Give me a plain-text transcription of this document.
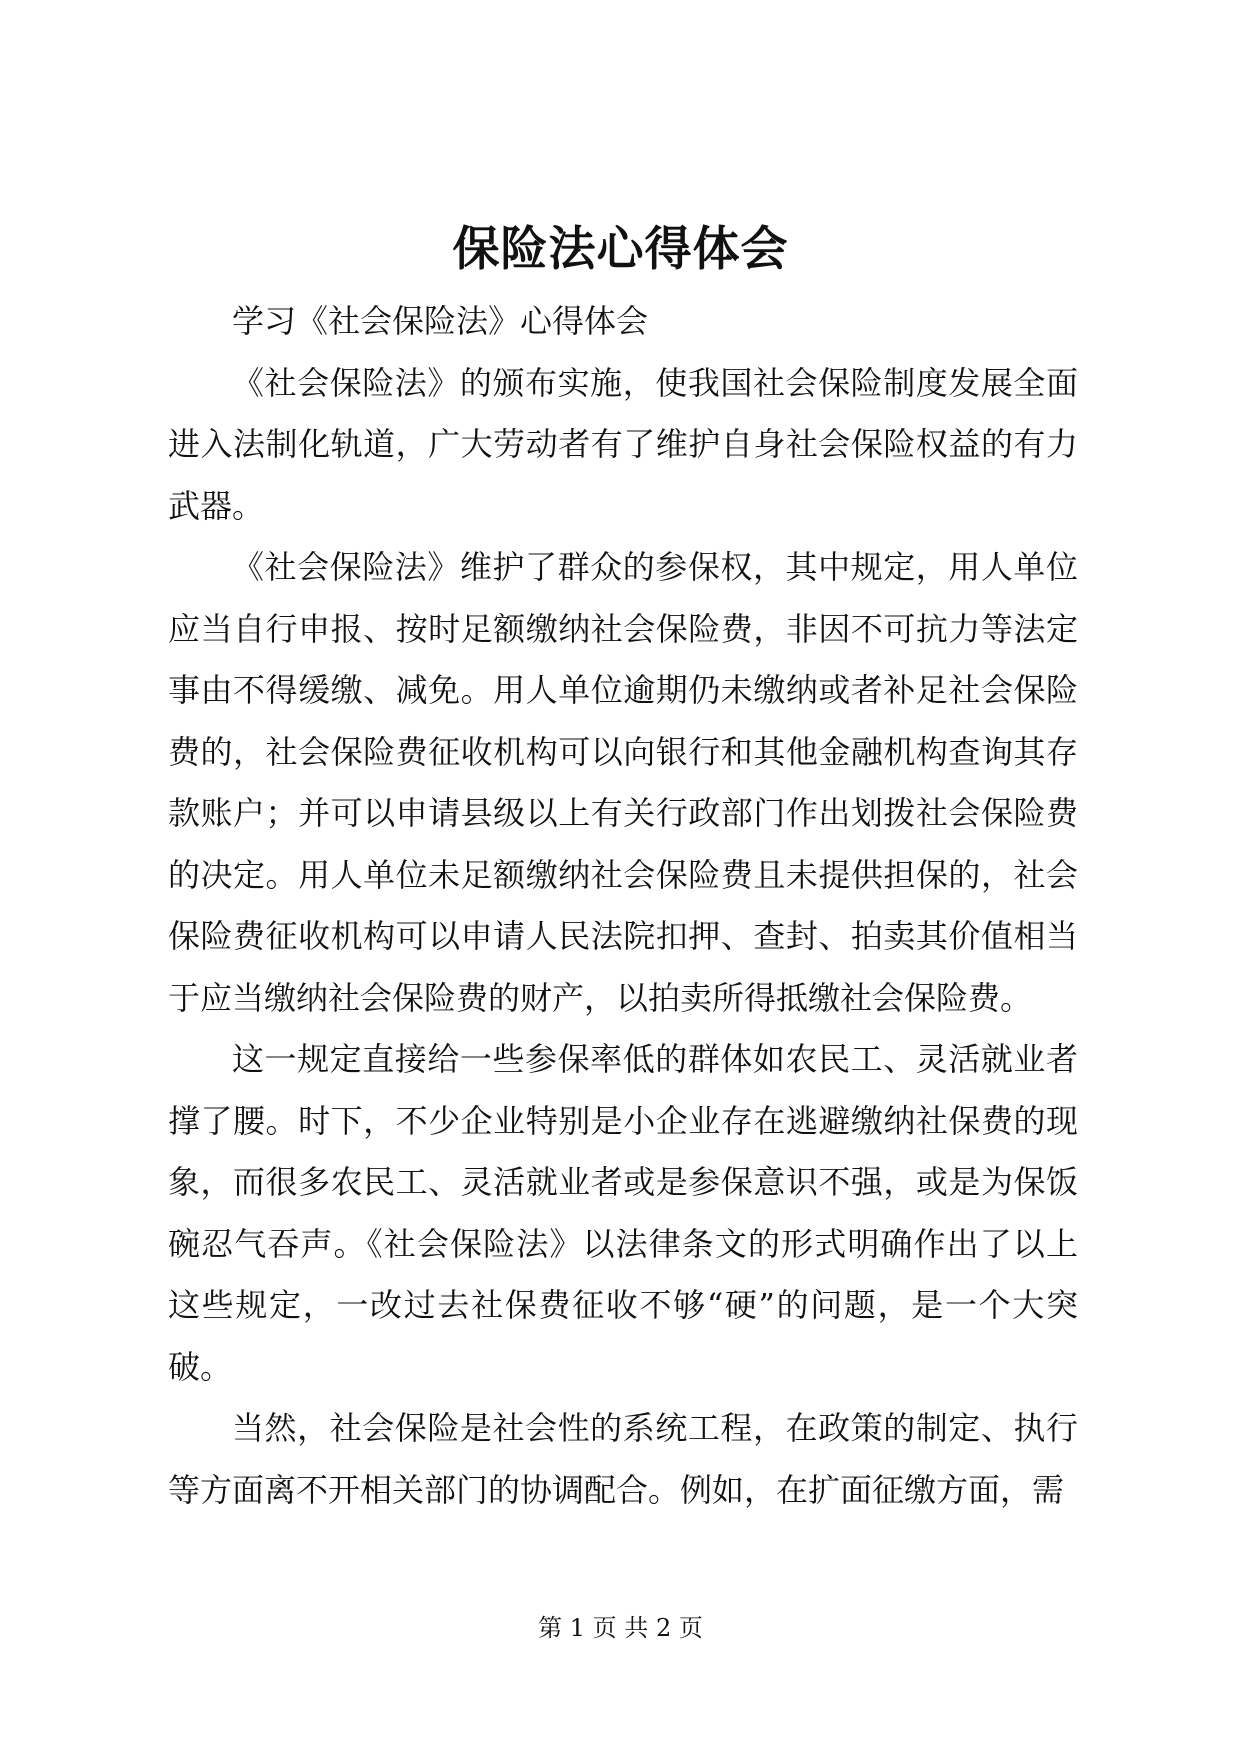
保险法心得体会

学习《社会保险法》心得体会

《社会保险法》的颁布实施，使我国社会保险制度发展全面进入法制化轨道，广大劳动者有了维护自身社会保险权益的有力武器。

《社会保险法》维护了群众的参保权，其中规定，用人单位应当自行申报、按时足额缴纳社会保险费，非因不可抗力等法定事由不得缓缴、减免。用人单位逾期仍未缴纳或者补足社会保险费的，社会保险费征收机构可以向银行和其他金融机构查询其存款账户；并可以申请县级以上有关行政部门作出划拨社会保险费的决定。用人单位未足额缴纳社会保险费且未提供担保的，社会保险费征收机构可以申请人民法院扣押、查封、拍卖其价值相当于应当缴纳社会保险费的财产，以拍卖所得抵缴社会保险费。

这一规定直接给一些参保率低的群体如农民工、灵活就业者撑了腰。时下，不少企业特别是小企业存在逃避缴纳社保费的现象，而很多农民工、灵活就业者或是参保意识不强，或是为保饭碗忍气吞声。《社会保险法》以法律条文的形式明确作出了以上这些规定，一改过去社保费征收不够“硬”的问题，是一个大突破。

当然，社会保险是社会性的系统工程，在政策的制定、执行等方面离不开相关部门的协调配合。例如，在扩面征缴方面，需

第 1 页 共 2 页
